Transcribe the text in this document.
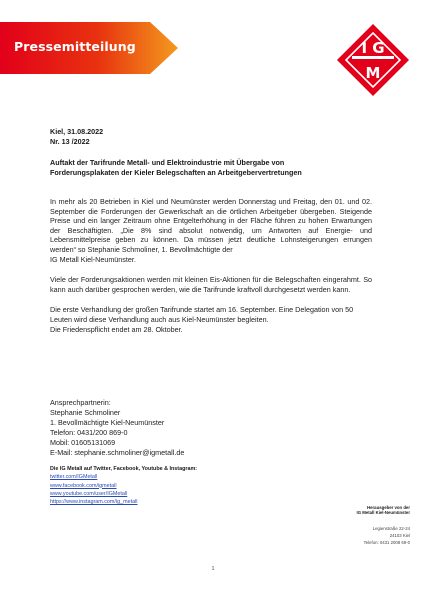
Pressemitteilung	I G
M
Kiel, 31.08.2022
Nr. 13 /2022
Auftakt der Tarifrunde Metall- und Elektroindustrie mit Übergabe von
Forderungsplakaten der Kieler Belegschaften an Arbeitgebervertretungen

In mehr als 20 Betrieben in Kiel und Neumünster werden Donnerstag und Freitag, den 01. und 02. September die Forderungen der Gewerkschaft an die örtlichen Arbeitgeber übergeben. Steigende Preise und ein langer Zeitraum ohne Entgelterhöhung in der Fläche führen zu hohen Erwartungen der Beschäftigten. „Die 8% sind absolut notwendig, um Antworten auf Energie- und Lebensmittelpreise geben zu können. Da müssen jetzt deutliche Lohnsteigerungen errungen werden“ so Stephanie Schmoliner, 1. Bevollmächtigte der
IG Metall Kiel-Neumünster.

Viele der Forderungsaktionen werden mit kleinen Eis-Aktionen für die Belegschaften eingerahmt. So kann auch darüber gesprochen werden, wie die Tarifrunde kraftvoll durchgesetzt werden kann.

Die erste Verhandlung der großen Tarifrunde startet am 16. September. Eine Delegation von 50 Leuten wird diese Verhandlung auch aus Kiel-Neumünster begleiten.
Die Friedenspflicht endet am 28. Oktober.

Ansprechpartnerin:
Stephanie Schmoliner
1. Bevollmächtigte Kiel-Neumünster
Telefon: 0431/200 869-0
Mobil: 01605131069
E-Mail: stephanie.schmoliner@igmetall.de
Die IG Metall auf Twitter, Facebook, Youtube & Instagram:
twitter.com/IGMetall
www.facebook.com/igmetall
www.youtube.com/user/IGMetall
https://www.instagram.com/ig_metall
Herausgeber von der
IG Metall Kiel-Neumünster
Legienstraße 22-24
24103 Kiel
Telefon: 0431 2008 69-0
1
